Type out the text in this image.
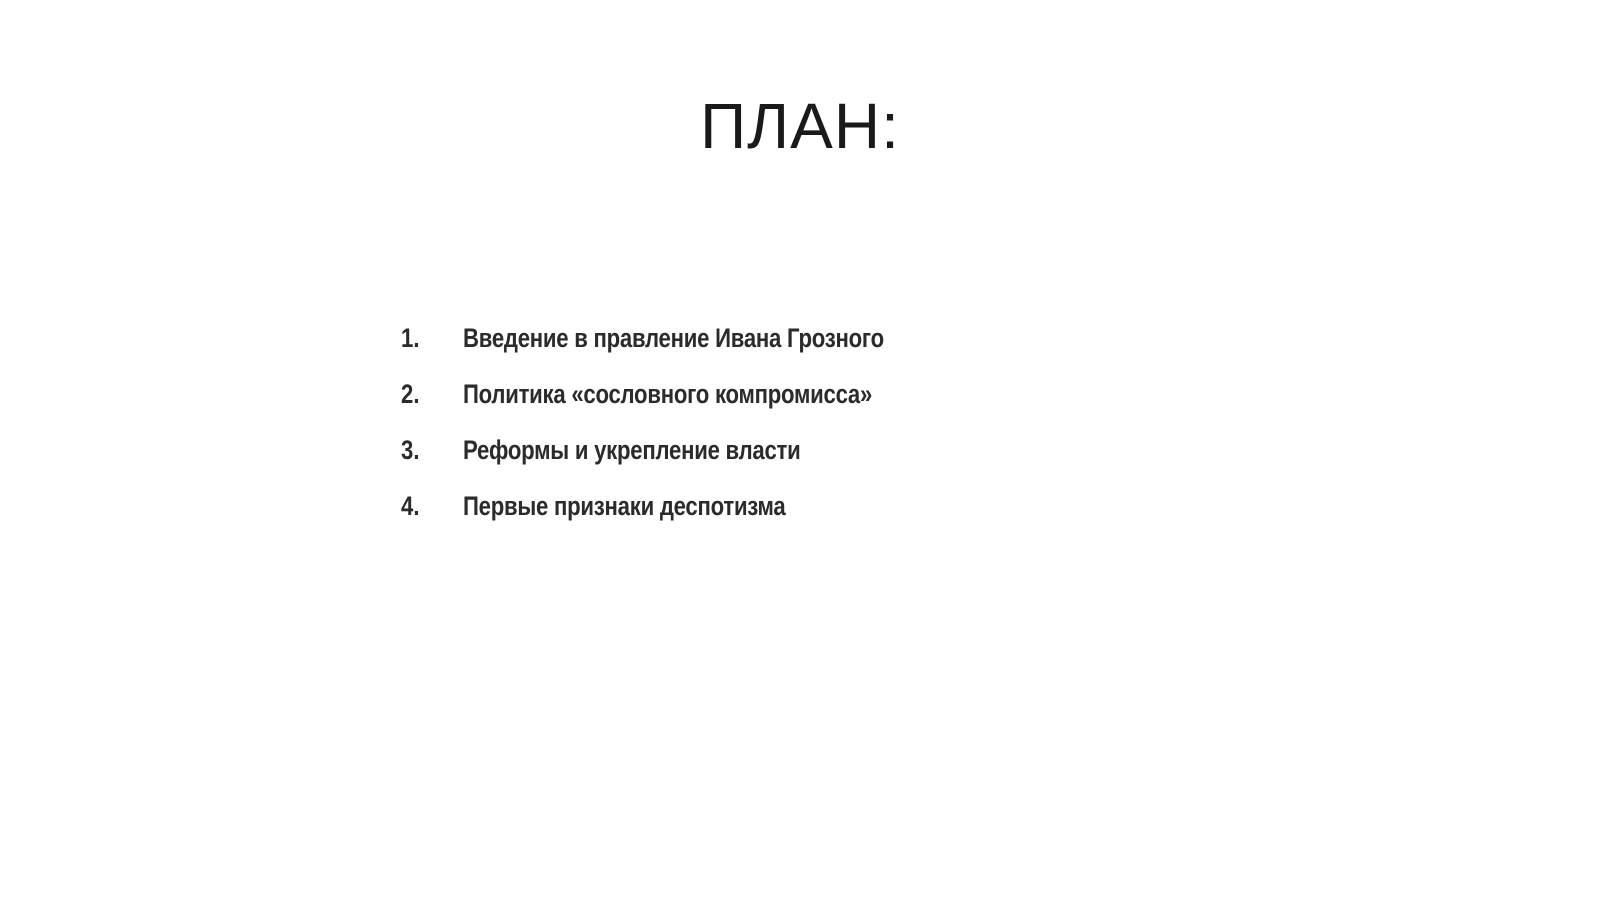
ПЛАН:
1.	Введение в правление Ивана Грозного
2.	Политика «сословного компромисса»
3.	Реформы и укрепление власти
4.	Первые признаки деспотизма
